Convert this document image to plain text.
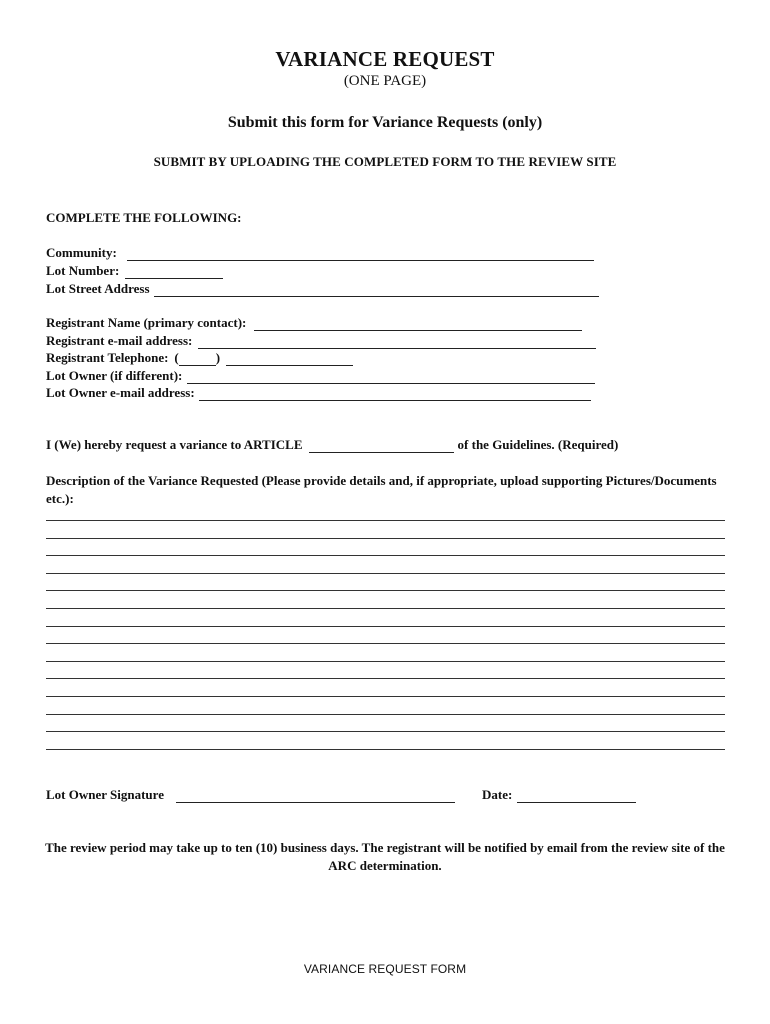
VARIANCE REQUEST
(ONE PAGE)
Submit this form for Variance Requests (only)
SUBMIT BY UPLOADING THE COMPLETED FORM TO THE REVIEW SITE
COMPLETE THE FOLLOWING:
Community:
Lot Number:
Lot Street Address
Registrant Name (primary contact):
Registrant e-mail address:
Registrant Telephone: (	)
Lot Owner (if different):
Lot Owner e-mail address:
I (We) hereby request a variance to ARTICLE	of the Guidelines. (Required)
Description of the Variance Requested (Please provide details and, if appropriate, upload supporting Pictures/Documents etc.):
Lot Owner Signature	Date:
The review period may take up to ten (10) business days. The registrant will be notified by email from the review site of the ARC determination.
VARIANCE REQUEST FORM
